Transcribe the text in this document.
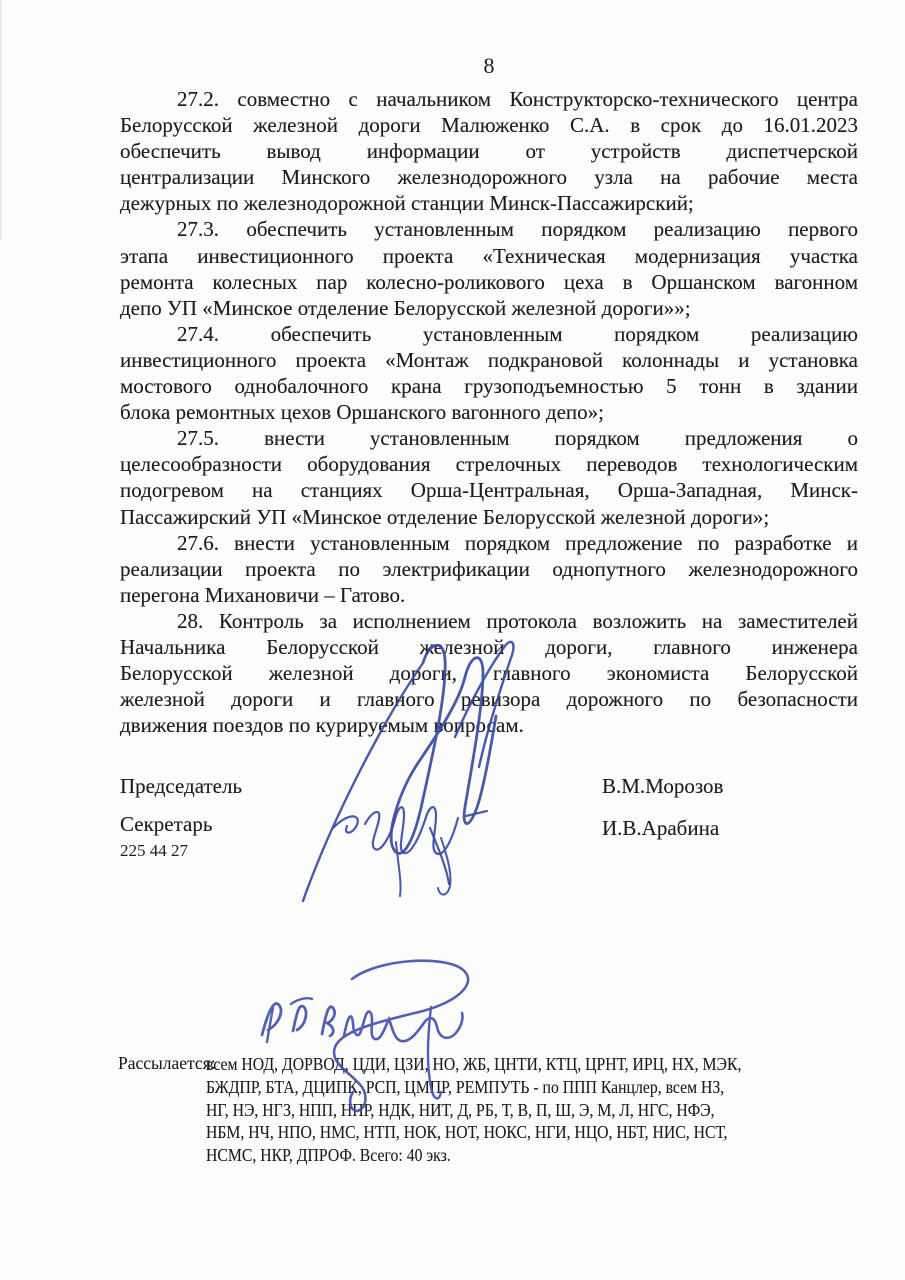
8
27.2. совместно с начальником Конструкторско-технического центра
Белорусской железной дороги Малюженко С.А. в срок до 16.01.2023
обеспечить вывод информации от устройств диспетчерской
централизации Минского железнодорожного узла на рабочие места
дежурных по железнодорожной станции Минск-Пассажирский;
27.3. обеспечить установленным порядком реализацию первого
этапа инвестиционного проекта «Техническая модернизация участка
ремонта колесных пар колесно-роликового цеха в Оршанском вагонном
депо УП «Минское отделение Белорусской железной дороги»»;
27.4. обеспечить установленным порядком реализацию
инвестиционного проекта «Монтаж подкрановой колоннады и установка
мостового однобалочного крана грузоподъемностью 5 тонн в здании
блока ремонтных цехов Оршанского вагонного депо»;
27.5. внести установленным порядком предложения о
целесообразности оборудования стрелочных переводов технологическим
подогревом на станциях Орша-Центральная, Орша-Западная, Минск-
Пассажирский УП «Минское отделение Белорусской железной дороги»;
27.6. внести установленным порядком предложение по разработке и
реализации проекта по электрификации однопутного железнодорожного
перегона Михановичи – Гатово.
28. Контроль за исполнением протокола возложить на заместителей
Начальника Белорусской железной дороги, главного инженера
Белорусской железной дороги, главного экономиста Белорусской
железной дороги и главного ревизора дорожного по безопасности
движения поездов по курируемым вопросам.
Председатель	В.М.Морозов
Секретарь	И.В.Арабина
225 44 27
Рассылается:
всем НОД, ДОРВОД, ЦДИ, ЦЗИ, НО, ЖБ, ЦНТИ, КТЦ, ЦРНТ, ИРЦ, НХ, МЭК,
БЖДПР, БТА, ДЦИПК, РСП, ЦМПР, РЕМПУТЬ - по ППП Канцлер, всем НЗ,
НГ, НЭ, НГЗ, НПП, НПР, НДК, НИТ, Д, РБ, Т, В, П, Ш, Э, М, Л, НГС, НФЭ,
НБМ, НЧ, НПО, НМС, НТП, НОК, НОТ, НОКС, НГИ, НЦО, НБТ, НИС, НСТ,
НСМС, НКР, ДПРОФ. Всего: 40 экз.
